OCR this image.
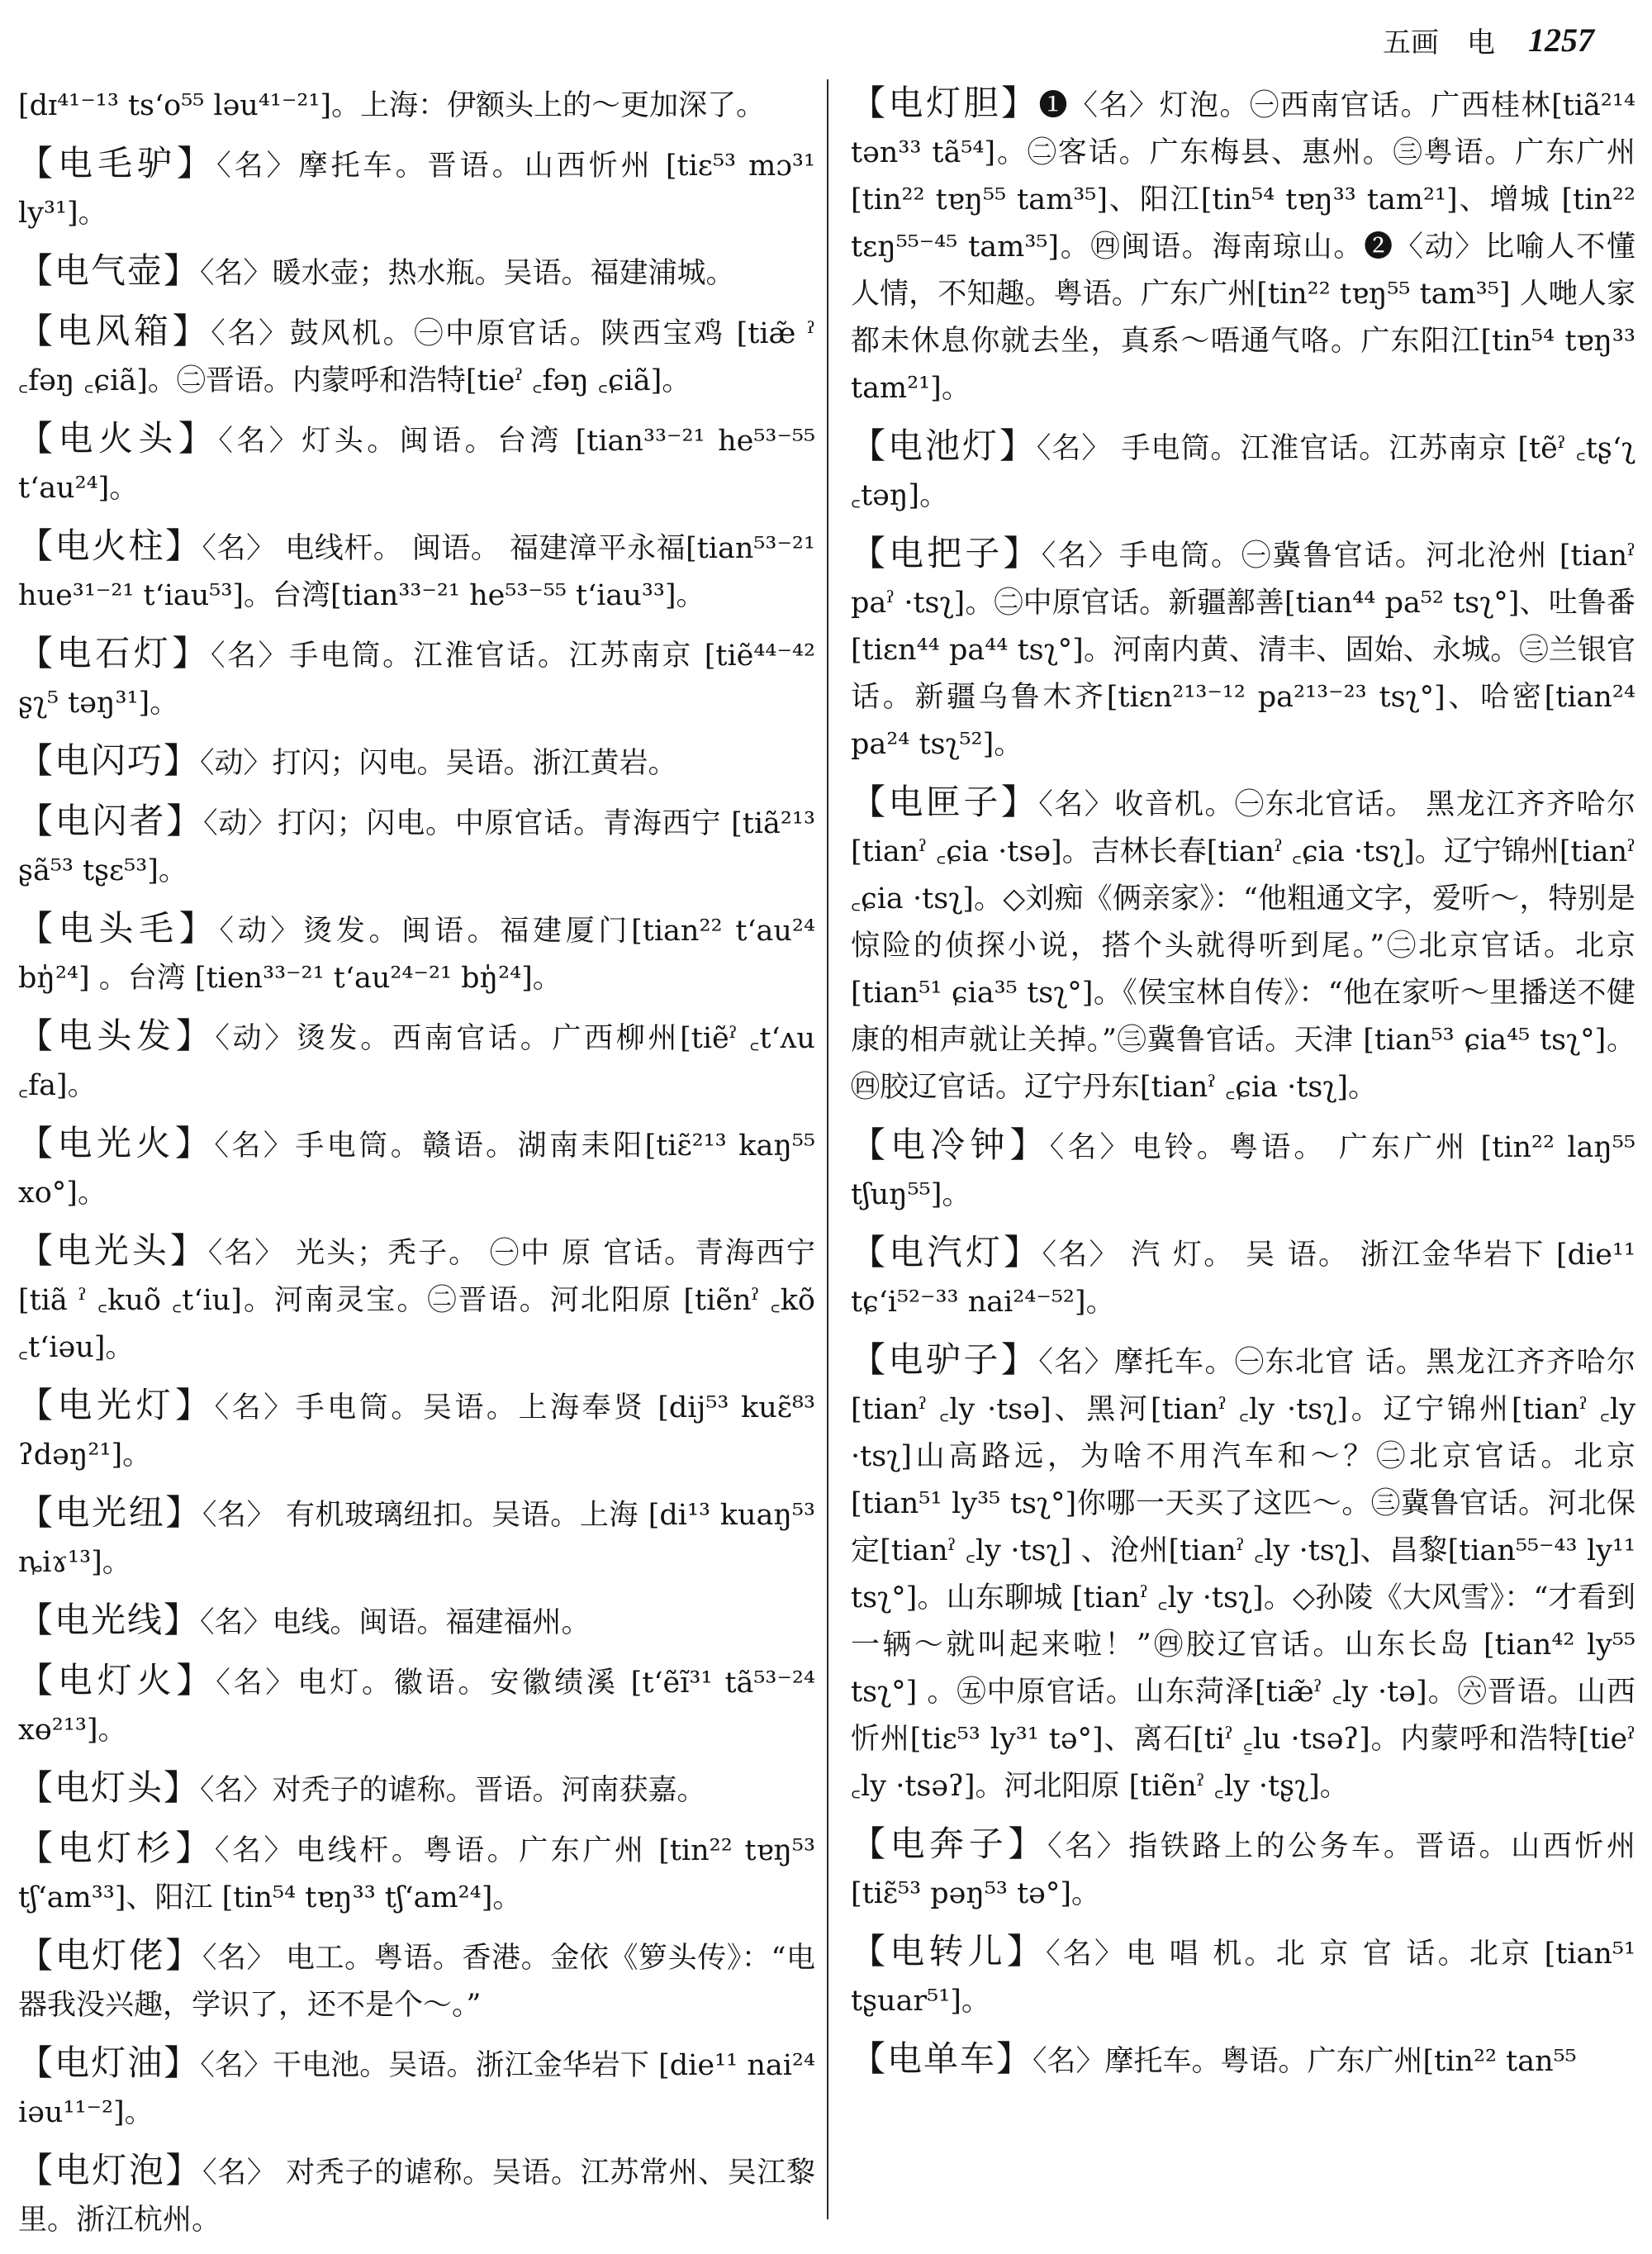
五画　电 1257
[dɪ⁴¹⁻¹³ ts‘o⁵⁵ ləu⁴¹⁻²¹]。上海：伊额头上的～更加深了。
【电毛驴】〈名〉摩托车。晋语。山西忻州 [tiɛ⁵³ mɔ³¹ ly³¹]。
【电气壶】〈名〉暖水壶；热水瓶。吴语。福建浦城。
【电风箱】〈名〉鼓风机。㊀中原官话。陕西宝鸡 [tiæ̃ ˀ ꜀fəŋ ꜀ɕiã]。㊁晋语。内蒙呼和浩特[tieˀ ꜀fəŋ ꜀ɕiã]。
【电火头】〈名〉灯头。闽语。台湾 [tian³³⁻²¹ he⁵³⁻⁵⁵ t‘au²⁴]。
【电火柱】〈名〉 电线杆。 闽语。 福建漳平永福[tian⁵³⁻²¹ hue³¹⁻²¹ t‘iau⁵³]。台湾[tian³³⁻²¹ he⁵³⁻⁵⁵ t‘iau³³]。
【电石灯】〈名〉手电筒。江淮官话。江苏南京 [tiẽ⁴⁴⁻⁴² ʂʅ⁵ təŋ³¹]。
【电闪巧】〈动〉打闪；闪电。吴语。浙江黄岩。
【电闪者】〈动〉打闪；闪电。中原官话。青海西宁 [tiã²¹³ ʂã⁵³ tʂɛ⁵³]。
【电头毛】〈动〉烫发。闽语。福建厦门[tian²² t‘au²⁴ bŋ̍²⁴] 。台湾 [tien³³⁻²¹ t‘au²⁴⁻²¹ bŋ̍²⁴]。
【电头发】〈动〉烫发。西南官话。广西柳州[tiẽˀ ꜀t‘ʌu ꜀fa]。
【电光火】〈名〉手电筒。赣语。湖南耒阳[tiɛ̃²¹³ kaŋ⁵⁵ xo°]。
【电光头】〈名〉 光头；秃子。 ㊀中 原 官话。青海西宁 [tiã ˀ ꜀kuõ ꜀t‘iu]。河南灵宝。㊁晋语。河北阳原 [tiẽnˀ ꜀kõ ꜀t‘iəu]。
【电光灯】〈名〉手电筒。吴语。上海奉贤 [dij⁵³ kuɛ̃⁸³ ʔdəŋ²¹]。
【电光纽】〈名〉 有机玻璃纽扣。吴语。上海 [di¹³ kuaŋ⁵³ ȵiɤ¹³]。
【电光线】〈名〉电线。闽语。福建福州。
【电灯火】〈名〉电灯。徽语。安徽绩溪 [t‘ẽĩ³¹ tã⁵³⁻²⁴ xɵ²¹³]。
【电灯头】〈名〉对秃子的谑称。晋语。河南获嘉。
【电灯杉】〈名〉电线杆。粤语。广东广州 [tin²² tɐŋ⁵³ tʃ‘am³³]、阳江 [tin⁵⁴ tɐŋ³³ tʃ‘am²⁴]。
【电灯佬】〈名〉 电工。粤语。香港。金依《箩头传》：“电器我没兴趣，学识了，还不是个～。”
【电灯油】〈名〉干电池。吴语。浙江金华岩下 [die¹¹ nai²⁴ iəu¹¹⁻²]。
【电灯泡】〈名〉 对秃子的谑称。吴语。江苏常州、吴江黎里。浙江杭州。
【电灯胆】❶〈名〉灯泡。㊀西南官话。广西桂林[tiã²¹⁴ tən³³ tã⁵⁴]。㊁客话。广东梅县、惠州。㊂粤语。广东广州[tin²² tɐŋ⁵⁵ tam³⁵]、阳江[tin⁵⁴ tɐŋ³³ tam²¹]、增城 [tin²² tɛŋ⁵⁵⁻⁴⁵ tam³⁵]。㊃闽语。海南琼山。❷〈动〉比喻人不懂人情，不知趣。粤语。广东广州[tin²² tɐŋ⁵⁵ tam³⁵] 人哋人家都未休息你就去坐，真系～唔通气咯。广东阳江[tin⁵⁴ tɐŋ³³ tam²¹]。
【电池灯】〈名〉 手电筒。江淮官话。江苏南京 [tẽˀ ꜀tʂ‘ʅ ꜀təŋ]。
【电把子】〈名〉手电筒。㊀冀鲁官话。河北沧州 [tianˀ paˀ ·tsʅ]。㊁中原官话。新疆鄯善[tian⁴⁴ pa⁵² tsʅ°]、吐鲁番 [tiɛn⁴⁴ pa⁴⁴ tsʅ°]。河南内黄、清丰、固始、永城。㊂兰银官话。新疆乌鲁木齐[tiɛn²¹³⁻¹² pa²¹³⁻²³ tsʅ°]、哈密[tian²⁴ pa²⁴ tsʅ⁵²]。
【电匣子】〈名〉收音机。㊀东北官话。 黑龙江齐齐哈尔[tianˀ ꜀ɕia ·tsə]。吉林长春[tianˀ ꜀ɕia ·tsʅ]。辽宁锦州[tianˀ ꜀ɕia ·tsʅ]。◇刘痴《俩亲家》：“他粗通文字，爱听～，特别是惊险的侦探小说，搭个头就得听到尾。”㊁北京官话。北京[tian⁵¹ ɕia³⁵ tsʅ°]。《侯宝林自传》：“他在家听～里播送不健康的相声就让关掉。”㊂冀鲁官话。天津 [tian⁵³ ɕia⁴⁵ tsʅ°]。㊃胶辽官话。辽宁丹东[tianˀ ꜀ɕia ·tsʅ]。
【电冷钟】〈名〉电铃。粤语。 广东广州 [tin²² laŋ⁵⁵ tʃuŋ⁵⁵]。
【电汽灯】〈名〉 汽 灯。 吴 语。 浙江金华岩下 [die¹¹ tɕ‘i⁵²⁻³³ nai²⁴⁻⁵²]。
【电驴子】〈名〉摩托车。㊀东北官 话。黑龙江齐齐哈尔[tianˀ ꜀ly ·tsə]、黑河[tianˀ ꜀ly ·tsʅ]。辽宁锦州[tianˀ ꜀ly ·tsʅ]山高路远，为啥不用汽车和～？㊁北京官话。北京[tian⁵¹ ly³⁵ tsʅ°]你哪一天买了这匹～。㊂冀鲁官话。河北保定[tianˀ ꜀ly ·tsʅ] 、沧州[tianˀ ꜀ly ·tsʅ]、昌黎[tian⁵⁵⁻⁴³ ly¹¹ tsʅ°]。山东聊城 [tianˀ ꜀ly ·tsʅ]。◇孙陵《大风雪》：“才看到一辆～就叫起来啦！”㊃胶辽官话。山东长岛 [tian⁴² ly⁵⁵ tsʅ°] 。㊄中原官话。山东菏泽[tiæ̃ˀ ꜀ly ·tə]。㊅晋语。山西忻州[tiɛ⁵³ ly³¹ tə°]、离石[tiˀ ꜁lu ·tsəʔ]。内蒙呼和浩特[tieˀ ꜀ly ·tsəʔ]。河北阳原 [tiẽnˀ ꜀ly ·tʂʅ]。
【电奔子】〈名〉指铁路上的公务车。晋语。山西忻州[tiɛ̃⁵³ pəŋ⁵³ tə°]。
【电转儿】〈名〉电 唱 机。北 京 官 话。北京 [tian⁵¹ tʂuar⁵¹]。
【电单车】〈名〉摩托车。粤语。广东广州[tin²² tan⁵⁵
